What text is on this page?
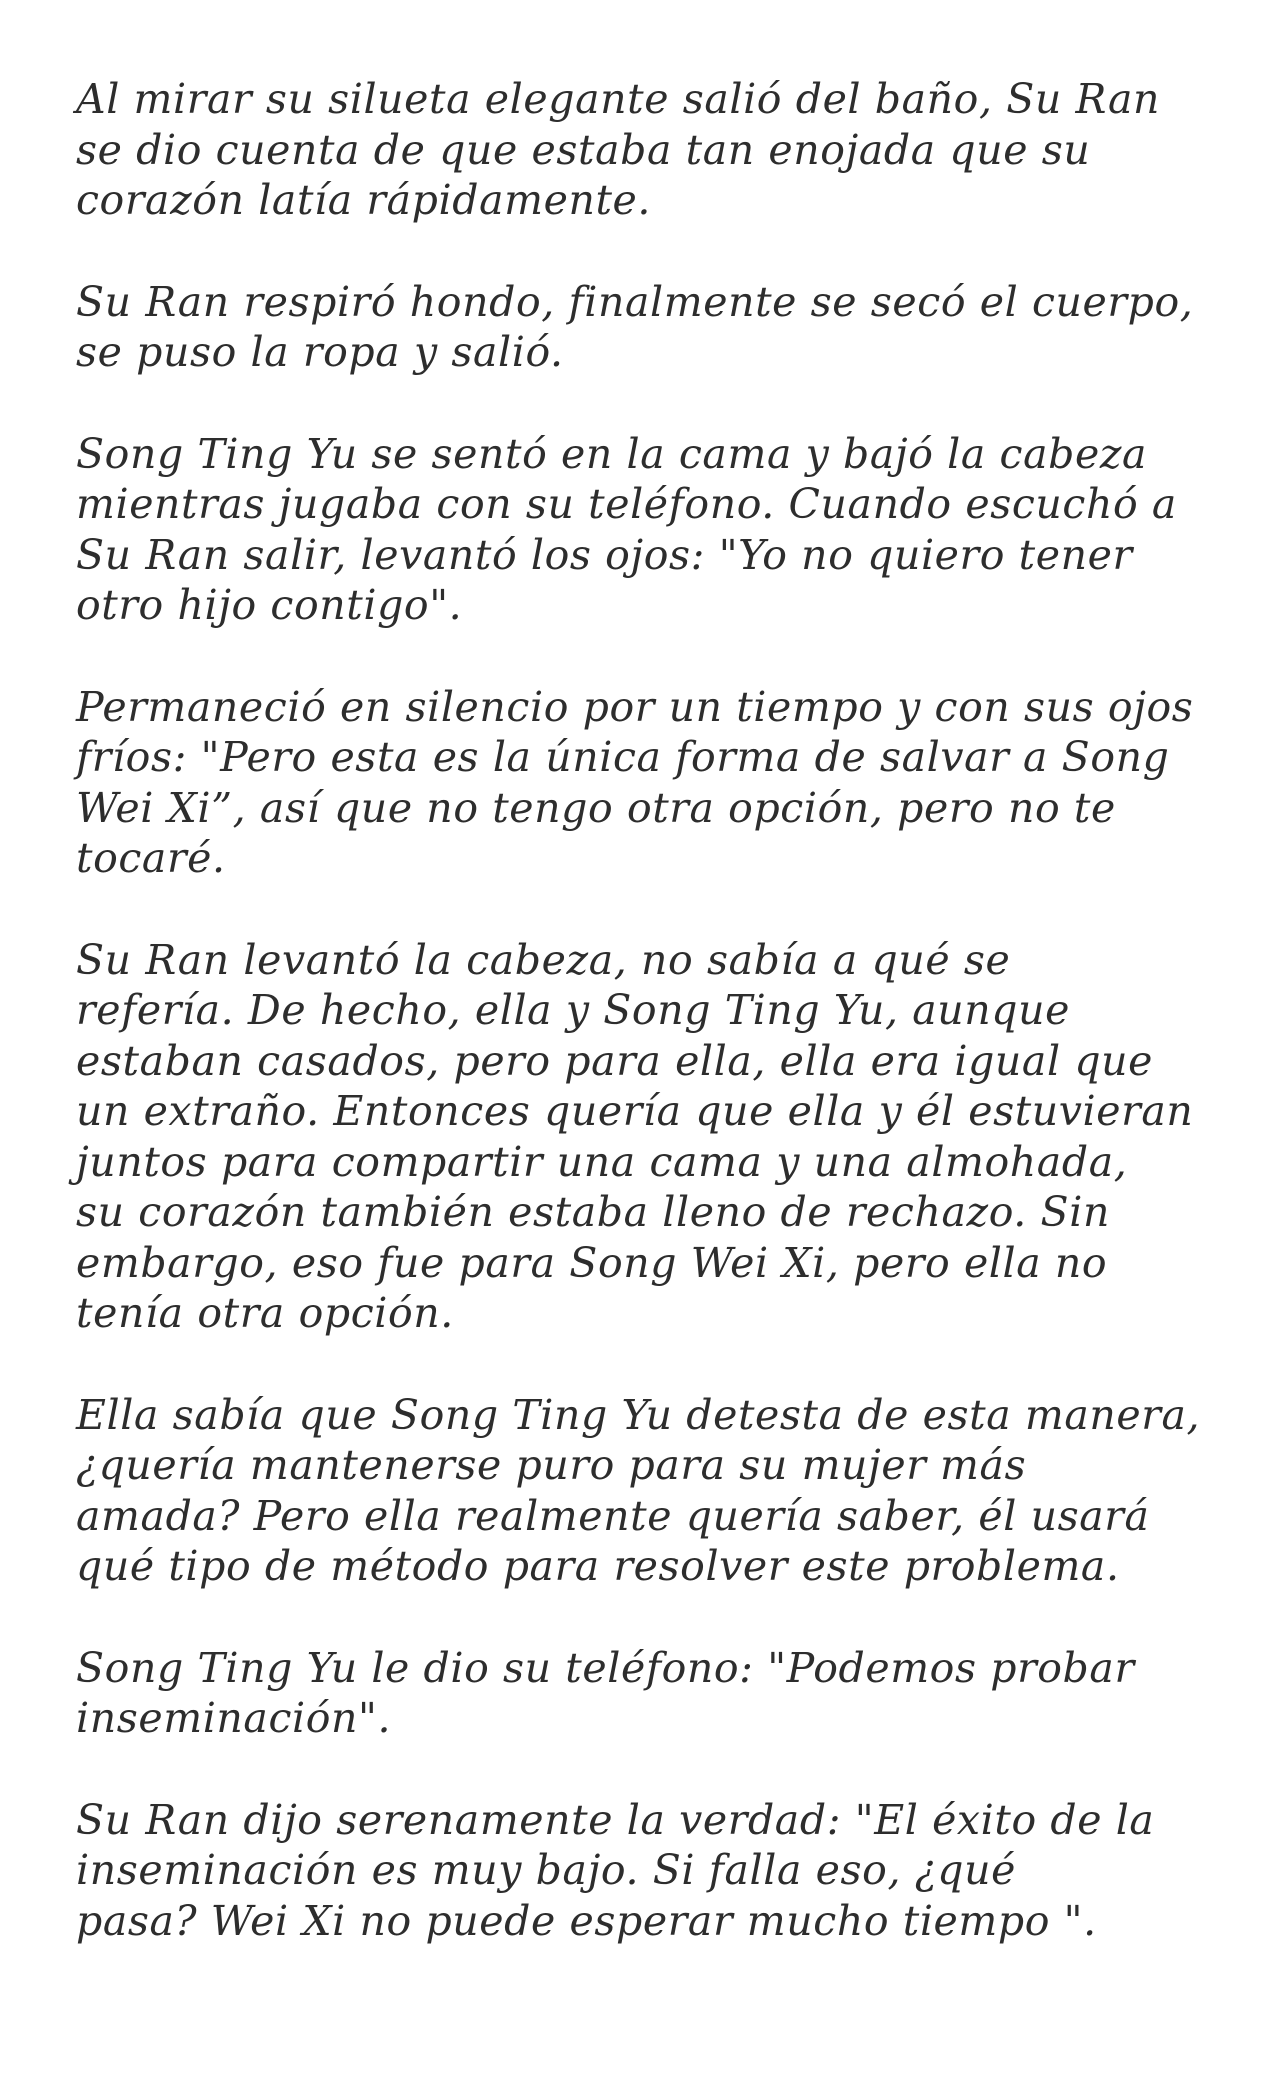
Al mirar su silueta elegante salió del baño, Su Ran
se dio cuenta de que estaba tan enojada que su
corazón latía rápidamente.

Su Ran respiró hondo, finalmente se secó el cuerpo,
se puso la ropa y salió.

Song Ting Yu se sentó en la cama y bajó la cabeza
mientras jugaba con su teléfono. Cuando escuchó a
Su Ran salir, levantó los ojos: "Yo no quiero tener
otro hijo contigo".

Permaneció en silencio por un tiempo y con sus ojos
fríos: "Pero esta es la única forma de salvar a Song
Wei Xi”, así que no tengo otra opción, pero no te
tocaré.

Su Ran levantó la cabeza, no sabía a qué se
refería. De hecho, ella y Song Ting Yu, aunque
estaban casados, pero para ella, ella era igual que
un extraño. Entonces quería que ella y él estuvieran
juntos para compartir una cama y una almohada,
su corazón también estaba lleno de rechazo. Sin
embargo, eso fue para Song Wei Xi, pero ella no
tenía otra opción.

Ella sabía que Song Ting Yu detesta de esta manera,
¿quería mantenerse puro para su mujer más
amada? Pero ella realmente quería saber, él usará
qué tipo de método para resolver este problema.

Song Ting Yu le dio su teléfono: "Podemos probar
inseminación".

Su Ran dijo serenamente la verdad: "El éxito de la
inseminación es muy bajo. Si falla eso, ¿qué
pasa? Wei Xi no puede esperar mucho tiempo ".
